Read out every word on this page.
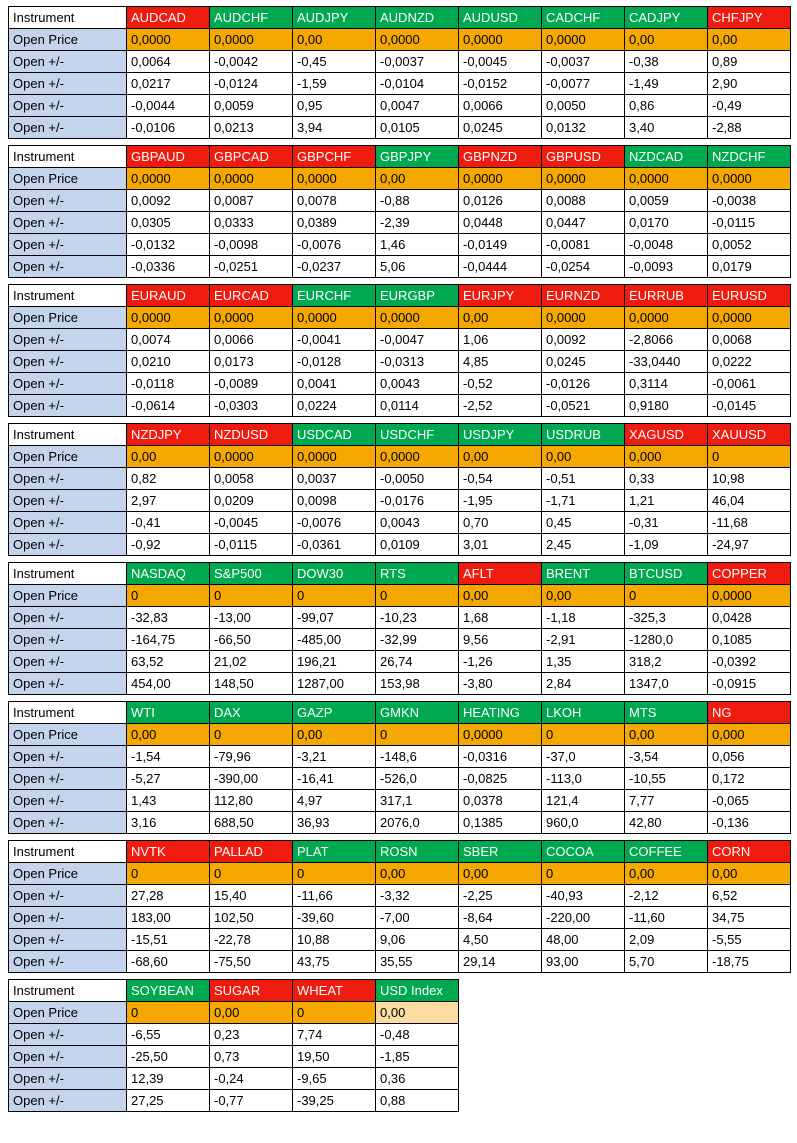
Instrument	AUDCAD	AUDCHF	AUDJPY	AUDNZD	AUDUSD	CADCHF	CADJPY	CHFJPY
Open Price	0,0000	0,0000	0,00	0,0000	0,0000	0,0000	0,00	0,00
Open +/-	0,0064	-0,0042	-0,45	-0,0037	-0,0045	-0,0037	-0,38	0,89
Open +/-	0,0217	-0,0124	-1,59	-0,0104	-0,0152	-0,0077	-1,49	2,90
Open +/-	-0,0044	0,0059	0,95	0,0047	0,0066	0,0050	0,86	-0,49
Open +/-	-0,0106	0,0213	3,94	0,0105	0,0245	0,0132	3,40	-2,88
Instrument	GBPAUD	GBPCAD	GBPCHF	GBPJPY	GBPNZD	GBPUSD	NZDCAD	NZDCHF
Open Price	0,0000	0,0000	0,0000	0,00	0,0000	0,0000	0,0000	0,0000
Open +/-	0,0092	0,0087	0,0078	-0,88	0,0126	0,0088	0,0059	-0,0038
Open +/-	0,0305	0,0333	0,0389	-2,39	0,0448	0,0447	0,0170	-0,0115
Open +/-	-0,0132	-0,0098	-0,0076	1,46	-0,0149	-0,0081	-0,0048	0,0052
Open +/-	-0,0336	-0,0251	-0,0237	5,06	-0,0444	-0,0254	-0,0093	0,0179
Instrument	EURAUD	EURCAD	EURCHF	EURGBP	EURJPY	EURNZD	EURRUB	EURUSD
Open Price	0,0000	0,0000	0,0000	0,0000	0,00	0,0000	0,0000	0,0000
Open +/-	0,0074	0,0066	-0,0041	-0,0047	1,06	0,0092	-2,8066	0,0068
Open +/-	0,0210	0,0173	-0,0128	-0,0313	4,85	0,0245	-33,0440	0,0222
Open +/-	-0,0118	-0,0089	0,0041	0,0043	-0,52	-0,0126	0,3114	-0,0061
Open +/-	-0,0614	-0,0303	0,0224	0,0114	-2,52	-0,0521	0,9180	-0,0145
Instrument	NZDJPY	NZDUSD	USDCAD	USDCHF	USDJPY	USDRUB	XAGUSD	XAUUSD
Open Price	0,00	0,0000	0,0000	0,0000	0,00	0,00	0,000	0
Open +/-	0,82	0,0058	0,0037	-0,0050	-0,54	-0,51	0,33	10,98
Open +/-	2,97	0,0209	0,0098	-0,0176	-1,95	-1,71	1,21	46,04
Open +/-	-0,41	-0,0045	-0,0076	0,0043	0,70	0,45	-0,31	-11,68
Open +/-	-0,92	-0,0115	-0,0361	0,0109	3,01	2,45	-1,09	-24,97
Instrument	NASDAQ	S&P500	DOW30	RTS	AFLT	BRENT	BTCUSD	COPPER
Open Price	0	0	0	0	0,00	0,00	0	0,0000
Open +/-	-32,83	-13,00	-99,07	-10,23	1,68	-1,18	-325,3	0,0428
Open +/-	-164,75	-66,50	-485,00	-32,99	9,56	-2,91	-1280,0	0,1085
Open +/-	63,52	21,02	196,21	26,74	-1,26	1,35	318,2	-0,0392
Open +/-	454,00	148,50	1287,00	153,98	-3,80	2,84	1347,0	-0,0915
Instrument	WTI	DAX	GAZP	GMKN	HEATING	LKOH	MTS	NG
Open Price	0,00	0	0,00	0	0,0000	0	0,00	0,000
Open +/-	-1,54	-79,96	-3,21	-148,6	-0,0316	-37,0	-3,54	0,056
Open +/-	-5,27	-390,00	-16,41	-526,0	-0,0825	-113,0	-10,55	0,172
Open +/-	1,43	112,80	4,97	317,1	0,0378	121,4	7,77	-0,065
Open +/-	3,16	688,50	36,93	2076,0	0,1385	960,0	42,80	-0,136
Instrument	NVTK	PALLAD	PLAT	ROSN	SBER	COCOA	COFFEE	CORN
Open Price	0	0	0	0,00	0,00	0	0,00	0,00
Open +/-	27,28	15,40	-11,66	-3,32	-2,25	-40,93	-2,12	6,52
Open +/-	183,00	102,50	-39,60	-7,00	-8,64	-220,00	-11,60	34,75
Open +/-	-15,51	-22,78	10,88	9,06	4,50	48,00	2,09	-5,55
Open +/-	-68,60	-75,50	43,75	35,55	29,14	93,00	5,70	-18,75
Instrument	SOYBEAN	SUGAR	WHEAT	USD Index
Open Price	0	0,00	0	0,00
Open +/-	-6,55	0,23	7,74	-0,48
Open +/-	-25,50	0,73	19,50	-1,85
Open +/-	12,39	-0,24	-9,65	0,36
Open +/-	27,25	-0,77	-39,25	0,88
